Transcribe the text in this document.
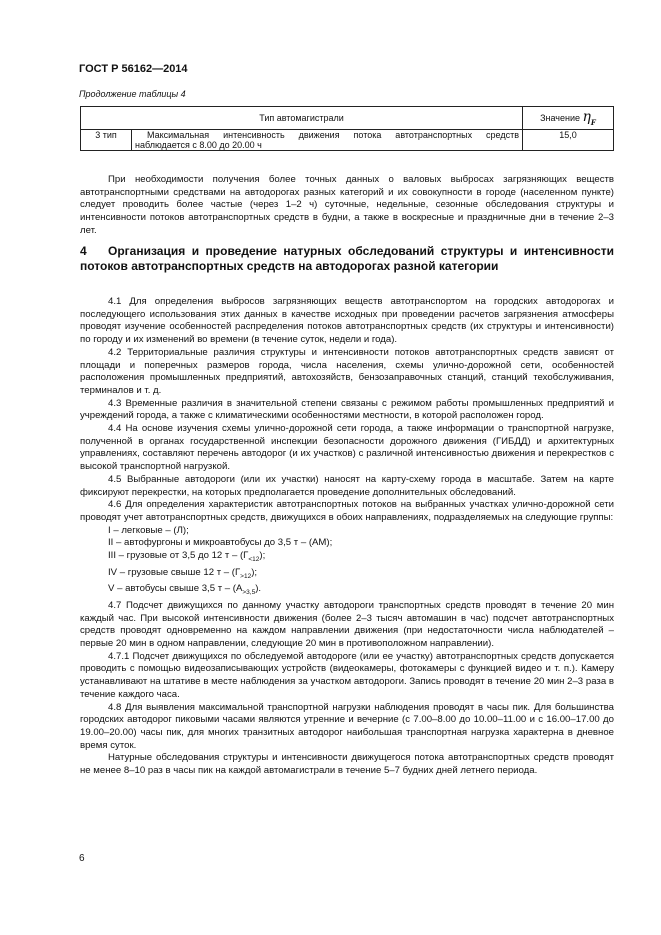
ГОСТ Р 56162—2014
Продолжение таблицы 4
Тип автомагистрали		Значение $\eta_F$
3 тип	Максимальная интенсивность движения потока автотранспортных средств наблюдается с 8.00 до 20.00 ч	15,0

При необходимости получения более точных данных о валовых выбросах загрязняющих веществ автотранспортными средствами на автодорогах разных категорий и их совокупности в городе (населенном пункте) следует проводить более частые (через 1–2 ч) суточные, недельные, сезонные обследования структуры и интенсивности потоков автотранспортных средств в будни, а также в воскресные и праздничные дни в течение 2–3 лет.

4 Организация и проведение натурных обследований структуры и интенсивности потоков автотранспортных средств на автодорогах разной категории

4.1 Для определения выбросов загрязняющих веществ автотранспортом на городских автодорогах и последующего использования этих данных в качестве исходных при проведении расчетов загрязнения атмосферы проводят изучение особенностей распределения потоков автотранспортных средств (их структуры и интенсивности) по городу и их изменений во времени (в течение суток, недели и года).

4.2 Территориальные различия структуры и интенсивности потоков автотранспортных средств зависят от площади и поперечных размеров города, числа населения, схемы улично-дорожной сети, особенностей расположения промышленных предприятий, автохозяйств, бензозаправочных станций, станций техобслуживания, терминалов и т. д.

4.3 Временные различия в значительной степени связаны с режимом работы промышленных предприятий и учреждений города, а также с климатическими особенностями местности, в которой расположен город.

4.4 На основе изучения схемы улично-дорожной сети города, а также информации о транспортной нагрузке, полученной в органах государственной инспекции безопасности дорожного движения (ГИБДД) и архитектурных управлениях, составляют перечень автодорог (и их участков) с различной интенсивностью движения и перекрестков с высокой транспортной нагрузкой.

4.5 Выбранные автодороги (или их участки) наносят на карту-схему города в масштабе. Затем на карте фиксируют перекрестки, на которых предполагается проведение дополнительных обследований.

4.6 Для определения характеристик автотранспортных потоков на выбранных участках улично-дорожной сети проводят учет автотранспортных средств, движущихся в обоих направлениях, подразделяемых на следующие группы:

I – легковые – (Л);

II – автофургоны и микроавтобусы до 3,5 т – (АМ);

III – грузовые от 3,5 до 12 т – $(Г_{<12})$;

IV – грузовые свыше 12 т – $(Г_{>12})$;

V – автобусы свыше 3,5 т – $(А_{>3,5})$.

4.7 Подсчет движущихся по данному участку автодороги транспортных средств проводят в течение 20 мин каждый час. При высокой интенсивности движения (более 2–3 тысяч автомашин в час) подсчет автотранспортных средств проводят одновременно на каждом направлении движения (при недостаточности числа наблюдателей – первые 20 мин в одном направлении, следующие 20 мин в противоположном направлении).

4.7.1 Подсчет движущихся по обследуемой автодороге (или ее участку) автотранспортных средств допускается проводить с помощью видеозаписывающих устройств (видеокамеры, фотокамеры с функцией видео и т. п.). Камеру устанавливают на штативе в месте наблюдения за участком автодороги. Запись проводят в течение 20 мин 2–3 раза в течение каждого часа.

4.8 Для выявления максимальной транспортной нагрузки наблюдения проводят в часы пик. Для большинства городских автодорог пиковыми часами являются утренние и вечерние (с 7.00–8.00 до 10.00–11.00 и с 16.00–17.00 до 19.00–20.00) часы пик, для многих транзитных автодорог наибольшая транспортная нагрузка характерна в дневное время суток.

Натурные обследования структуры и интенсивности движущегося потока автотранспортных средств проводят не менее 8–10 раз в часы пик на каждой автомагистрали в течение 5–7 будних дней летнего периода.

6
